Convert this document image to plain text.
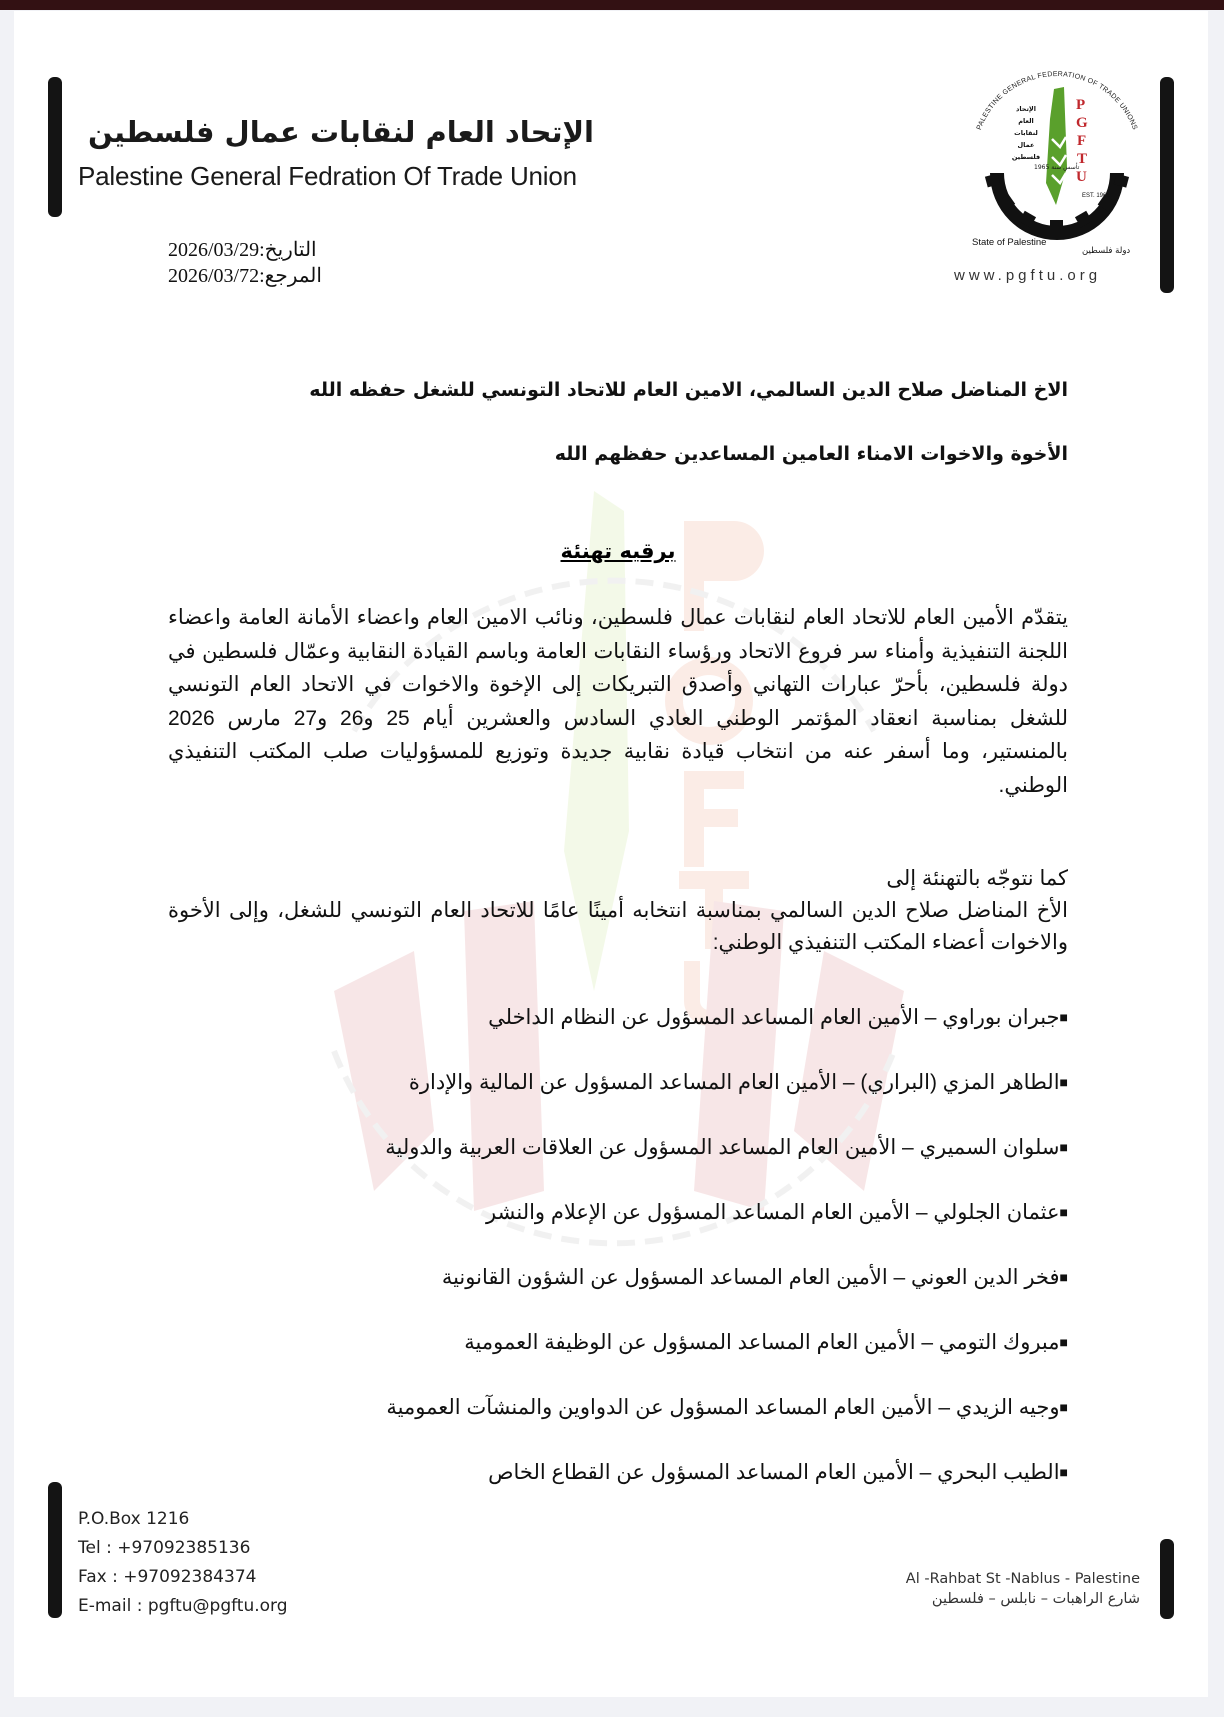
الإتحاد العام لنقابات عمال فلسطين
Palestine General Fedration Of Trade Union
P
G
F
T
U
الإتحاد
العام
لنقابات
عمال
فلسطين
تأسس سنة 1965
EST. 1965
State of Palestine
دولة فلسطين
PALESTINE GENERAL FEDERATION OF TRADE UNIONS
www.pgftu.org
2026/03/29التاريخ:
2026/03/72المرجع:
الاخ المناضل صلاح الدين السالمي، الامين العام للاتحاد التونسي للشغل حفظه الله
الأخوة والاخوات الامناء العامين المساعدين حفظهم الله
برقيه تهنئة
يتقدّم الأمين العام للاتحاد العام لنقابات عمال فلسطين، ونائب الامين العام واعضاء الأمانة العامة واعضاء اللجنة التنفيذية وأمناء سر فروع الاتحاد ورؤساء النقابات العامة وباسم القيادة النقابية وعمّال فلسطين في دولة فلسطين، بأحرّ عبارات التهاني وأصدق التبريكات إلى الإخوة والاخوات في الاتحاد العام التونسي للشغل بمناسبة انعقاد المؤتمر الوطني العادي السادس والعشرين أيام 25 و26 و27 مارس 2026 بالمنستير، وما أسفر عنه من انتخاب قيادة نقابية جديدة وتوزيع للمسؤوليات صلب المكتب التنفيذي الوطني.
كما نتوجّه بالتهنئة إلى
الأخ المناضل صلاح الدين السالمي بمناسبة انتخابه أمينًا عامًا للاتحاد العام التونسي للشغل، وإلى الأخوة والاخوات أعضاء المكتب التنفيذي الوطني:
■جبران بوراوي – الأمين العام المساعد المسؤول عن النظام الداخلي
■الطاهر المزي (البراري) – الأمين العام المساعد المسؤول عن المالية والإدارة
■سلوان السميري – الأمين العام المساعد المسؤول عن العلاقات العربية والدولية
■عثمان الجلولي – الأمين العام المساعد المسؤول عن الإعلام والنشر
■فخر الدين العوني – الأمين العام المساعد المسؤول عن الشؤون القانونية
■مبروك التومي – الأمين العام المساعد المسؤول عن الوظيفة العمومية
■وجيه الزيدي – الأمين العام المساعد المسؤول عن الدواوين والمنشآت العمومية
■الطيب البحري – الأمين العام المساعد المسؤول عن القطاع الخاص
P.O.Box 1216
Tel : +97092385136
Fax : +97092384374
E-mail : pgftu@pgftu.org
Al -Rahbat St -Nablus - Palestine
شارع الراهبات – نابلس – فلسطين
